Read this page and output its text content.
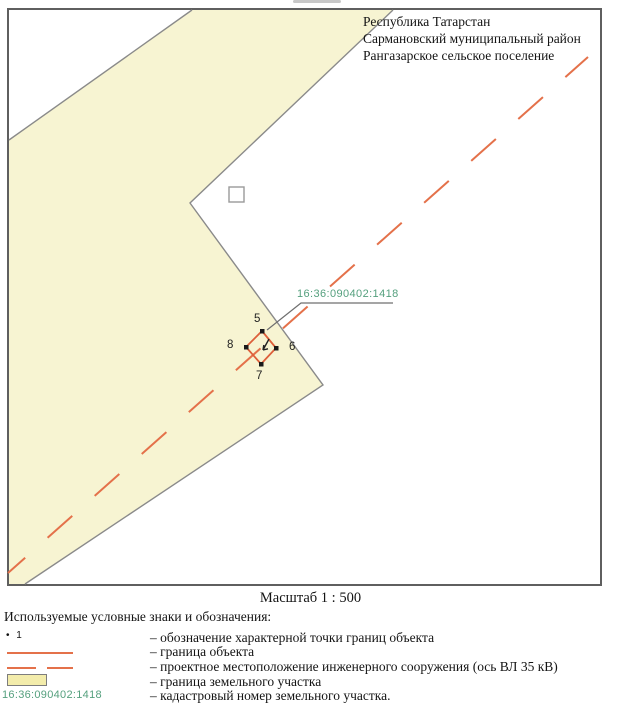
Республика Татарстан
Сармановский муниципальный район
Рангазарское сельское поселение
16:36:090402:1418
5
6
7
8
Масштаб 1 : 500
Используемые условные знаки и обозначения:
• 1
16:36:090402:1418
– обозначение характерной точки границ объекта
– граница объекта
– проектное местоположение инженерного сооружения (ось ВЛ 35 кВ)
– граница земельного участка
– кадастровый номер земельного участка.
